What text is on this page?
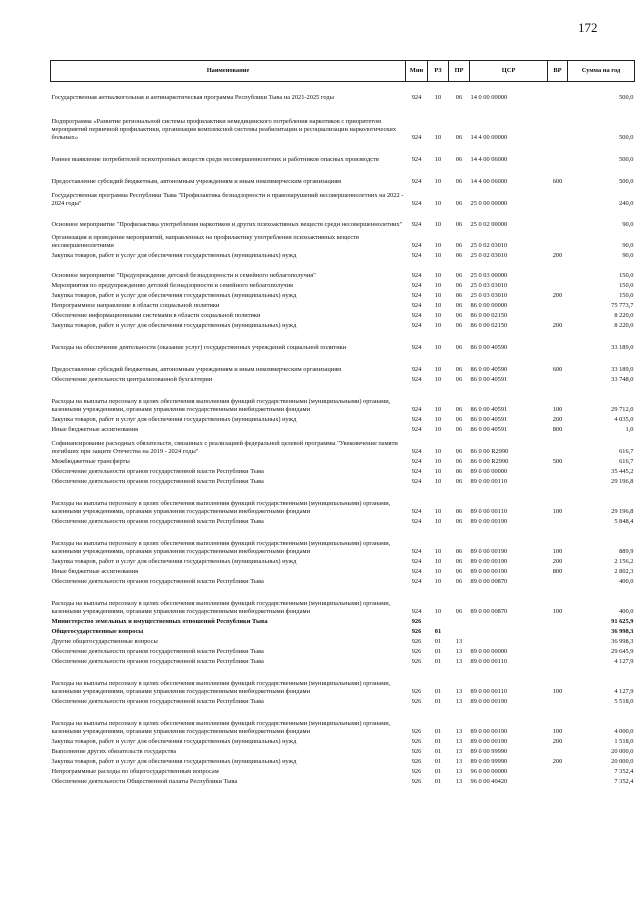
172
Наименование	Мин	РЗ	ПР	ЦСР	ВР	Сумма на год
Государственная антиалкогольная и антинаркотическая программа Республики Тыва на 2021-2025 годы	924	10	06	14 0 00 00000		500,0
Подпрограмма «Развитие региональной системы профилактики немедицинского потребления наркотиков с приоритетом мероприятий первичной профилактики, организация комплексной системы реабилитации и ресоциализации наркологических больных»	924	10	06	14 4 00 00000		500,0
Раннее выявление потребителей психотропных веществ среди несовершеннолетних и работников опасных производств	924	10	06	14 4 00 06000		500,0
Предоставление субсидий бюджетным, автономным учреждениям и иным некоммерческим организациям	924	10	06	14 4 00 06000	600	500,0
Государственная программа Республики Тыва "Профилактика безнадзорности и правонарушений несовершеннолетних на 2022 - 2024 годы"	924	10	06	25 0 00 00000		240,0
Основное мероприятие "Профилактика употребления наркотиков и других психоактивных веществ среди несовершеннолетних"	924	10	06	25 0 02 00000		90,0
Организация и проведение мероприятий, направленных на профилактику употребления психоактивных веществ несовершеннолетними	924	10	06	25 0 02 03010		90,0
Закупка товаров, работ и услуг для обеспечения государственных (муниципальных) нужд	924	10	06	25 0 02 03010	200	90,0
Основное мероприятие "Предупреждение детской безнадзорности и семейного неблагополучия"	924	10	06	25 0 03 00000		150,0
Мероприятия по предупреждению детской безнадзорности и семейного неблагополучия	924	10	06	25 0 03 03010		150,0
Закупка товаров, работ и услуг для обеспечения государственных (муниципальных) нужд	924	10	06	25 0 03 03010	200	150,0
Непрограммное направление в области социальной политики	924	10	06	86 0 00 00000		75 773,7
Обеспечение информационными системами в области социальной политики	924	10	06	86 0 00 02150		8 220,0
Закупка товаров, работ и услуг для обеспечения государственных (муниципальных) нужд	924	10	06	86 0 00 02150	200	8 220,0
Расходы на обеспечение деятельности (оказание услуг) государственных учреждений социальной политики	924	10	06	86 0 00 40590		33 189,0
Предоставление субсидий бюджетным, автономным учреждениям и иным некоммерческим организациям	924	10	06	86 0 00 40590	600	33 189,0
Обеспечение деятельности централизованной бухгалтерии	924	10	06	86 0 00 40591		33 748,0
Расходы на выплаты персоналу в целях обеспечения выполнения функций государственными (муниципальными) органами, казенными учреждениями, органами управления государственными внебюджетными фондами	924	10	06	86 0 00 40591	100	29 712,0
Закупка товаров, работ и услуг для обеспечения государственных (муниципальных) нужд	924	10	06	86 0 00 40591	200	4 035,0
Иные бюджетные ассигнования	924	10	06	86 0 00 40591	800	1,0
Софинансирование расходных обязательств, связанных с реализацией федеральной целевой программы "Увековечение памяти погибших при защите Отечества на 2019 - 2024 годы"	924	10	06	86 0 00 R2990		616,7
Межбюджетные трансферты	924	10	06	86 0 00 R2990	500	616,7
Обеспечение деятельности органов государственной власти Республики Тыва	924	10	06	89 0 00 00000		35 445,2
Обеспечение деятельности органов государственной власти Республики Тыва	924	10	06	89 0 00 00110		29 196,8
Расходы на выплаты персоналу в целях обеспечения выполнения функций государственными (муниципальными) органами, казенными учреждениями, органами управления государственными внебюджетными фондами	924	10	06	89 0 00 00110	100	29 196,8
Обеспечение деятельности органов государственной власти Республики Тыва	924	10	06	89 0 00 00190		5 848,4
Расходы на выплаты персоналу в целях обеспечения выполнения функций государственными (муниципальными) органами, казенными учреждениями, органами управления государственными внебюджетными фондами	924	10	06	89 0 00 00190	100	889,9
Закупка товаров, работ и услуг для обеспечения государственных (муниципальных) нужд	924	10	06	89 0 00 00190	200	2 156,2
Иные бюджетные ассигнования	924	10	06	89 0 00 00190	800	2 802,3
Обеспечение деятельности органов государственной власти Республики Тыва	924	10	06	89 0 00 00870		400,0
Расходы на выплаты персоналу в целях обеспечения выполнения функций государственными (муниципальными) органами, казенными учреждениями, органами управления государственными внебюджетными фондами	924	10	06	89 0 00 00870	100	400,0
Министерство земельных и имущественных отношений Республики Тыва	926					91 625,9
Общегосударственные вопросы	926	01				36 998,3
Другие общегосударственные вопросы	926	01	13			36 998,3
Обеспечение деятельности органов государственной власти Республики Тыва	926	01	13	89 0 00 00000		29 645,9
Обеспечение деятельности органов государственной власти Республики Тыва	926	01	13	89 0 00 00110		4 127,9
Расходы на выплаты персоналу в целях обеспечения выполнения функций государственными (муниципальными) органами, казенными учреждениями, органами управления государственными внебюджетными фондами	926	01	13	89 0 00 00110	100	4 127,9
Обеспечение деятельности органов государственной власти Республики Тыва	926	01	13	89 0 00 00190		5 518,0
Расходы на выплаты персоналу в целях обеспечения выполнения функций государственными (муниципальными) органами, казенными учреждениями, органами управления государственными внебюджетными фондами	926	01	13	89 0 00 00190	100	4 000,0
Закупка товаров, работ и услуг для обеспечения государственных (муниципальных) нужд	926	01	13	89 0 00 00190	200	1 518,0
Выполнение других обязательств государства	926	01	13	89 0 00 99990		20 000,0
Закупка товаров, работ и услуг для обеспечения государственных (муниципальных) нужд	926	01	13	89 0 00 99990	200	20 000,0
Непрограммные расходы по общегосударственным вопросам	926	01	13	96 0 00 00000		7 352,4
Обеспечение деятельности Общественной палаты Республики Тыва	926	01	13	96 0 00 40420		7 352,4
